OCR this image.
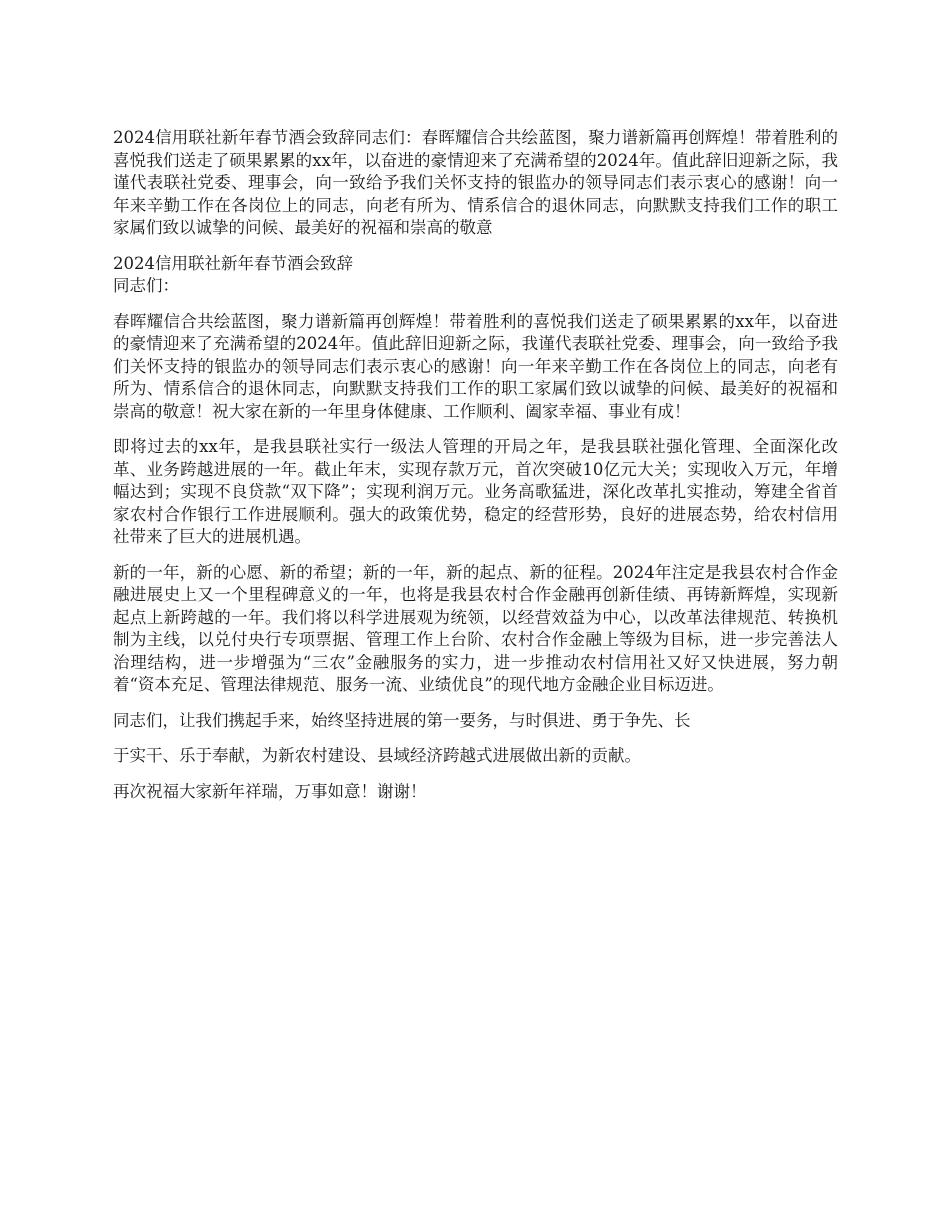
2024信用联社新年春节酒会致辞同志们：春晖耀信合共绘蓝图，聚力谱新篇再创辉煌！带着胜利的喜悦我们送走了硕果累累的xx年，以奋进的豪情迎来了充满希望的2024年。值此辞旧迎新之际，我谨代表联社党委、理事会，向一致给予我们关怀支持的银监办的领导同志们表示衷心的感谢！向一年来辛勤工作在各岗位上的同志，向老有所为、情系信合的退休同志，向默默支持我们工作的职工家属们致以诚挚的问候、最美好的祝福和崇高的敬意

2024信用联社新年春节酒会致辞

同志们：

春晖耀信合共绘蓝图，聚力谱新篇再创辉煌！带着胜利的喜悦我们送走了硕果累累的xx年，以奋进的豪情迎来了充满希望的2024年。值此辞旧迎新之际，我谨代表联社党委、理事会，向一致给予我们关怀支持的银监办的领导同志们表示衷心的感谢！向一年来辛勤工作在各岗位上的同志，向老有所为、情系信合的退休同志，向默默支持我们工作的职工家属们致以诚挚的问候、最美好的祝福和崇高的敬意！祝大家在新的一年里身体健康、工作顺利、阖家幸福、事业有成！

即将过去的xx年，是我县联社实行一级法人管理的开局之年，是我县联社强化管理、全面深化改革、业务跨越进展的一年。截止年末，实现存款万元，首次突破10亿元大关；实现收入万元，年增幅达到；实现不良贷款“双下降”；实现利润万元。业务高歌猛进，深化改革扎实推动，筹建全省首家农村合作银行工作进展顺利。强大的政策优势，稳定的经营形势，良好的进展态势，给农村信用社带来了巨大的进展机遇。

新的一年，新的心愿、新的希望；新的一年，新的起点、新的征程。2024年注定是我县农村合作金融进展史上又一个里程碑意义的一年，也将是我县农村合作金融再创新佳绩、再铸新辉煌，实现新起点上新跨越的一年。我们将以科学进展观为统领，以经营效益为中心，以改革法律规范、转换机制为主线，以兑付央行专项票据、管理工作上台阶、农村合作金融上等级为目标，进一步完善法人治理结构，进一步增强为“三农”金融服务的实力，进一步推动农村信用社又好又快进展，努力朝着“资本充足、管理法律规范、服务一流、业绩优良”的现代地方金融企业目标迈进。

同志们，让我们携起手来，始终坚持进展的第一要务，与时俱进、勇于争先、长

于实干、乐于奉献，为新农村建设、县域经济跨越式进展做出新的贡献。

再次祝福大家新年祥瑞，万事如意！谢谢！
